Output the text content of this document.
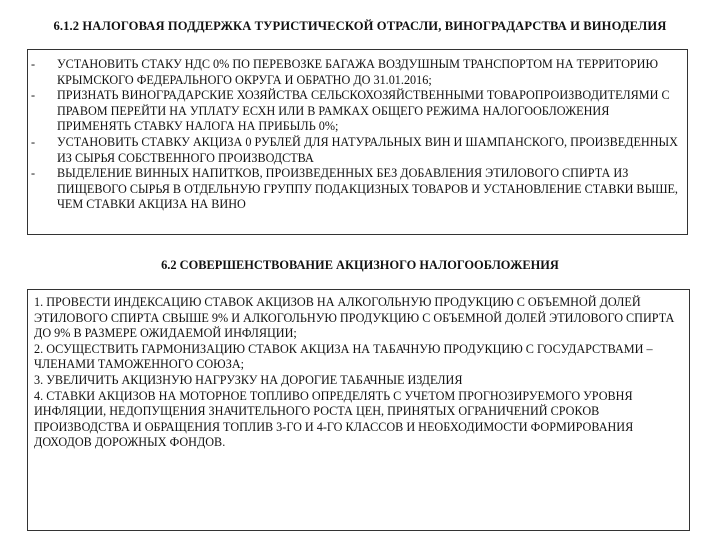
6.1.2 НАЛОГОВАЯ ПОДДЕРЖКА ТУРИСТИЧЕСКОЙ ОТРАСЛИ, ВИНОГРАДАРСТВА И ВИНОДЕЛИЯ
- УСТАНОВИТЬ СТАКУ НДС 0% ПО ПЕРЕВОЗКЕ БАГАЖА ВОЗДУШНЫМ ТРАНСПОРТОМ НА ТЕРРИТОРИЮ КРЫМСКОГО ФЕДЕРАЛЬНОГО ОКРУГА И ОБРАТНО ДО 31.01.2016;
- ПРИЗНАТЬ ВИНОГРАДАРСКИЕ ХОЗЯЙСТВА СЕЛЬСКОХОЗЯЙСТВЕННЫМИ ТОВАРОПРОИЗВОДИТЕЛЯМИ С ПРАВОМ ПЕРЕЙТИ НА УПЛАТУ ЕСХН ИЛИ В РАМКАХ ОБЩЕГО РЕЖИМА НАЛОГООБЛОЖЕНИЯ ПРИМЕНЯТЬ СТАВКУ НАЛОГА НА ПРИБЫЛЬ 0%;
- УСТАНОВИТЬ СТАВКУ АКЦИЗА 0 РУБЛЕЙ ДЛЯ НАТУРАЛЬНЫХ ВИН И ШАМПАНСКОГО, ПРОИЗВЕДЕННЫХ ИЗ СЫРЬЯ СОБСТВЕННОГО ПРОИЗВОДСТВА
- ВЫДЕЛЕНИЕ ВИННЫХ НАПИТКОВ, ПРОИЗВЕДЕННЫХ БЕЗ ДОБАВЛЕНИЯ ЭТИЛОВОГО СПИРТА ИЗ ПИЩЕВОГО СЫРЬЯ В ОТДЕЛЬНУЮ ГРУППУ ПОДАКЦИЗНЫХ ТОВАРОВ И УСТАНОВЛЕНИЕ СТАВКИ ВЫШЕ, ЧЕМ СТАВКИ АКЦИЗА НА ВИНО
6.2 СОВЕРШЕНСТВОВАНИЕ АКЦИЗНОГО НАЛОГООБЛОЖЕНИЯ

1. ПРОВЕСТИ ИНДЕКСАЦИЮ СТАВОК АКЦИЗОВ НА АЛКОГОЛЬНУЮ ПРОДУКЦИЮ С ОБЪЕМНОЙ ДОЛЕЙ ЭТИЛОВОГО СПИРТА СВЫШЕ 9% И АЛКОГОЛЬНУЮ ПРОДУКЦИЮ С ОБЪЕМНОЙ ДОЛЕЙ ЭТИЛОВОГО СПИРТА ДО 9% В РАЗМЕРЕ ОЖИДАЕМОЙ ИНФЛЯЦИИ;

2. ОСУЩЕСТВИТЬ ГАРМОНИЗАЦИЮ СТАВОК АКЦИЗА НА ТАБАЧНУЮ ПРОДУКЦИЮ С ГОСУДАРСТВАМИ – ЧЛЕНАМИ ТАМОЖЕННОГО СОЮЗА;

3. УВЕЛИЧИТЬ АКЦИЗНУЮ НАГРУЗКУ НА ДОРОГИЕ ТАБАЧНЫЕ ИЗДЕЛИЯ

4. СТАВКИ АКЦИЗОВ НА МОТОРНОЕ ТОПЛИВО ОПРЕДЕЛЯТЬ С УЧЕТОМ ПРОГНОЗИРУЕМОГО УРОВНЯ ИНФЛЯЦИИ, НЕДОПУЩЕНИЯ ЗНАЧИТЕЛЬНОГО РОСТА ЦЕН, ПРИНЯТЫХ ОГРАНИЧЕНИЙ СРОКОВ ПРОИЗВОДСТВА И ОБРАЩЕНИЯ ТОПЛИВ 3-ГО И 4-ГО КЛАССОВ И НЕОБХОДИМОСТИ ФОРМИРОВАНИЯ ДОХОДОВ ДОРОЖНЫХ ФОНДОВ.
